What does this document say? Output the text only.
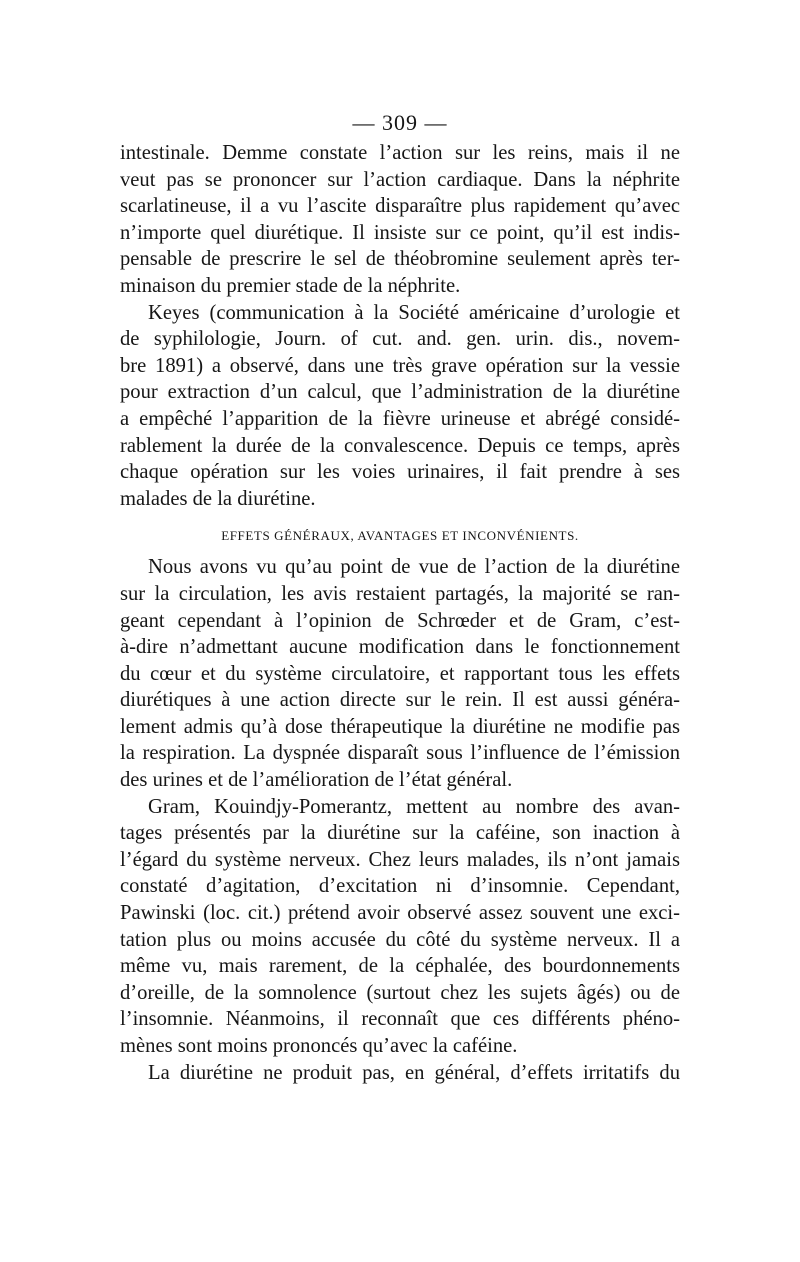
— 309 —

intestinale. Demme constate l’action sur les reins, mais il ne

veut pas se prononcer sur l’action cardiaque. Dans la néphrite

scarlatineuse, il a vu l’ascite disparaître plus rapidement qu’avec

n’importe quel diurétique. Il insiste sur ce point, qu’il est indis-

pensable de prescrire le sel de théobromine seulement après ter-

minaison du premier stade de la néphrite.

Keyes (communication à la Société américaine d’urologie et

de syphilologie, Journ. of cut. and. gen. urin. dis., novem-

bre 1891) a observé, dans une très grave opération sur la vessie

pour extraction d’un calcul, que l’administration de la diurétine

a empêché l’apparition de la fièvre urineuse et abrégé considé-

rablement la durée de la convalescence. Depuis ce temps, après

chaque opération sur les voies urinaires, il fait prendre à ses

malades de la diurétine.

EFFETS GÉNÉRAUX, AVANTAGES ET INCONVÉNIENTS.

Nous avons vu qu’au point de vue de l’action de la diurétine

sur la circulation, les avis restaient partagés, la majorité se ran-

geant cependant à l’opinion de Schrœder et de Gram, c’est-

à-dire n’admettant aucune modification dans le fonctionnement

du cœur et du système circulatoire, et rapportant tous les effets

diurétiques à une action directe sur le rein. Il est aussi généra-

lement admis qu’à dose thérapeutique la diurétine ne modifie pas

la respiration. La dyspnée disparaît sous l’influence de l’émission

des urines et de l’amélioration de l’état général.

Gram, Kouindjy-Pomerantz, mettent au nombre des avan-

tages présentés par la diurétine sur la caféine, son inaction à

l’égard du système nerveux. Chez leurs malades, ils n’ont jamais

constaté d’agitation, d’excitation ni d’insomnie. Cependant,

Pawinski (loc. cit.) prétend avoir observé assez souvent une exci-

tation plus ou moins accusée du côté du système nerveux. Il a

même vu, mais rarement, de la céphalée, des bourdonnements

d’oreille, de la somnolence (surtout chez les sujets âgés) ou de

l’insomnie. Néanmoins, il reconnaît que ces différents phéno-

mènes sont moins prononcés qu’avec la caféine.

La diurétine ne produit pas, en général, d’effets irritatifs du
